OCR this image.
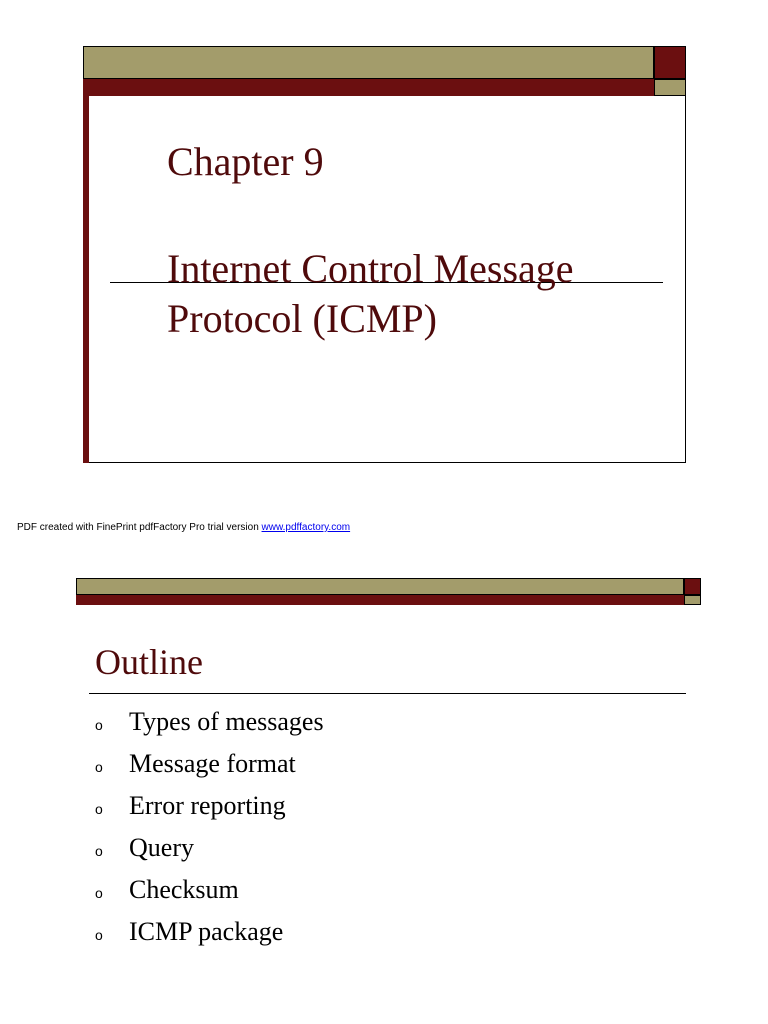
Chapter 9
Internet Control Message
Protocol (ICMP)
PDF created with FinePrint pdfFactory Pro trial version www.pdffactory.com
Outline
o Types of messages
o Message format
o Error reporting
o Query
o Checksum
o ICMP package
